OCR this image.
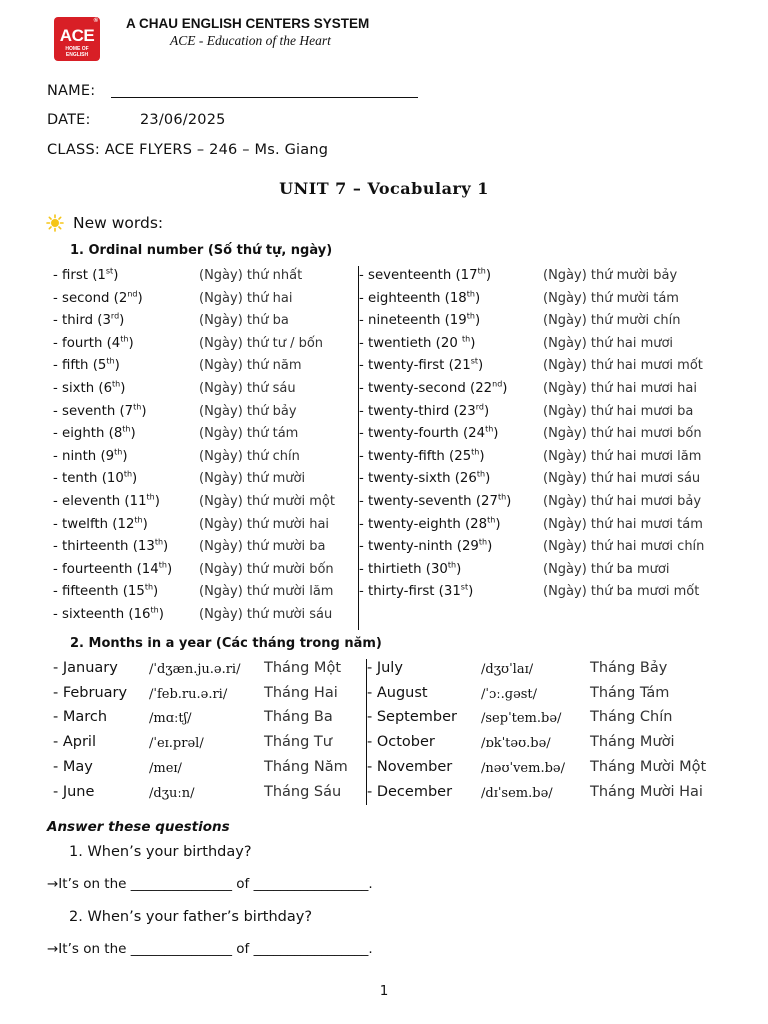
®
ACE
HOME OF ENGLISH
A CHAU ENGLISH CENTERS SYSTEM
ACE - Education of the Heart
NAME:
DATE:	23/06/2025
CLASS: ACE FLYERS – 246 – Ms. Giang
UNIT 7 – Vocabulary 1
New words:
1. Ordinal number (Số thứ tự, ngày)
- first (1st)	(Ngày) thứ nhất
- second (2nd)	(Ngày) thứ hai
- third (3rd)	(Ngày) thứ ba
- fourth (4th)	(Ngày) thứ tư / bốn
- fifth (5th)	(Ngày) thứ năm
- sixth (6th)	(Ngày) thứ sáu
- seventh (7th)	(Ngày) thứ bảy
- eighth (8th)	(Ngày) thứ tám
- ninth (9th)	(Ngày) thứ chín
- tenth (10th)	(Ngày) thứ mười
- eleventh (11th)	(Ngày) thứ mười một
- twelfth (12th)	(Ngày) thứ mười hai
- thirteenth (13th) (Ngày) thứ mười ba
- fourteenth (14th) (Ngày) thứ mười bốn
- fifteenth (15th)	(Ngày) thứ mười lăm
- sixteenth (16th)	(Ngày) thứ mười sáu
- seventeenth (17th)	(Ngày) thứ mười bảy
- eighteenth (18th)	(Ngày) thứ mười tám
- nineteenth (19th)	(Ngày) thứ mười chín
- twentieth (20 $^{th}$)	(Ngày) thứ hai mươi
- twenty-first (21st)	(Ngày) thứ hai mươi mốt
- twenty-second (22nd)	(Ngày) thứ hai mươi hai
- twenty-third (23rd)	(Ngày) thứ hai mươi ba
- twenty-fourth (24th)	(Ngày) thứ hai mươi bốn
- twenty-fifth (25th)	(Ngày) thứ hai mươi lăm
- twenty-sixth (26th)	(Ngày) thứ hai mươi sáu
- twenty-seventh (27th) (Ngày) thứ hai mươi bảy
- twenty-eighth (28th)	(Ngày) thứ hai mươi tám
- twenty-ninth (29th)	(Ngày) thứ hai mươi chín
- thirtieth (30th)	(Ngày) thứ ba mươi
- thirty-first (31st)	(Ngày) thứ ba mươi mốt
2. Months in a year (Các tháng trong năm)
- January /ˈdʒæn.ju.ə.ri/ Tháng Một
- February /ˈfeb.ru.ə.ri/	Tháng Hai
- March	/mɑːtʃ/	Tháng Ba
- April	/ˈeɪ.prəl/	Tháng Tư
- May	/meɪ/	Tháng Năm
- June	/dʒuːn/	Tháng Sáu
- July	/dʒʊˈlaɪ/	Tháng Bảy
- August	/ˈɔː.ɡəst/	Tháng Tám
- September /sepˈtem.bə/ Tháng Chín
- October	/ɒkˈtəʊ.bə/	Tháng Mười
- November /nəʊˈvem.bə/ Tháng Mười Một
- December /dɪˈsem.bə/	Tháng Mười Hai
Answer these questions
1. When’s your birthday?
→It’s on the _______________ of _________________.
2. When’s your father’s birthday?
→It’s on the _______________ of _________________.
1
